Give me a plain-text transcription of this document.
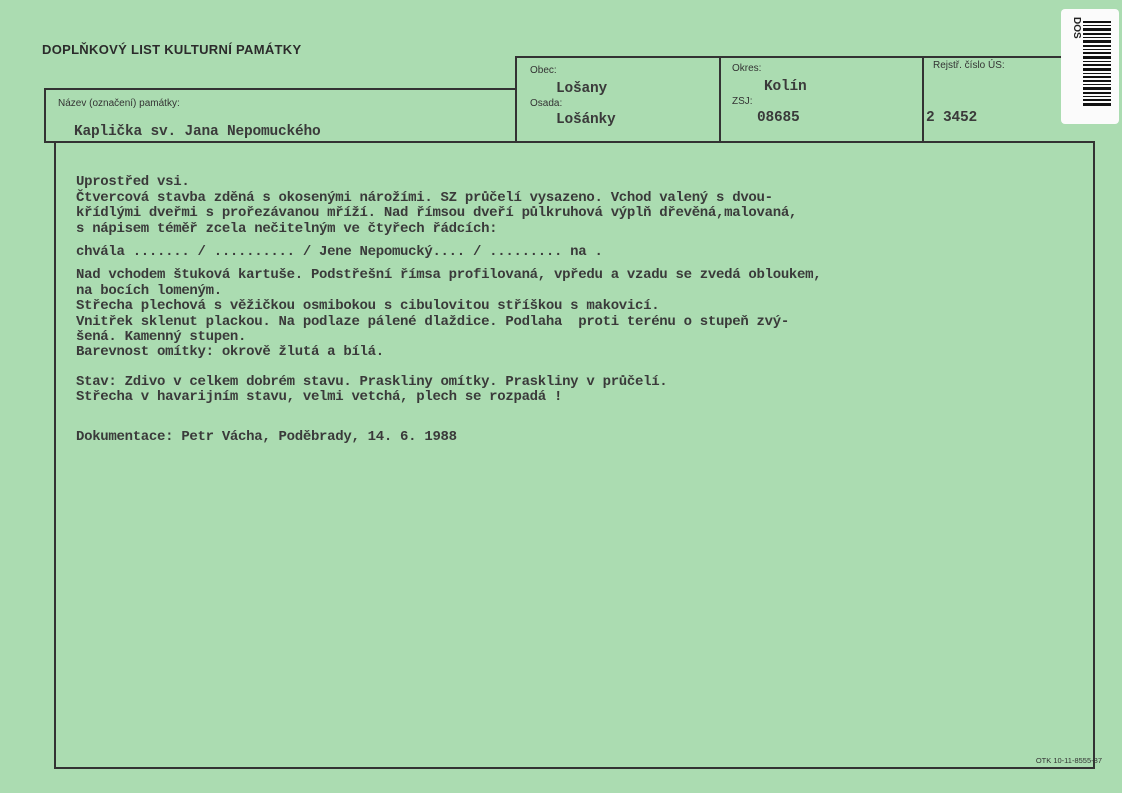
DOPLŇKOVÝ LIST KULTURNÍ PAMÁTKY
Obec:
Osada:
Okres:
ZSJ:
Rejstř. číslo ÚS:
Název (označení) památky:
Lošany
Lošánky
Kolín
08685	2 3452
Kaplička sv. Jana Nepomuckého

Uprostřed vsi.
Čtvercová stavba zděná s okosenými nárožími. SZ průčelí vysazeno. Vchod valený s dvou-
křídlými dveřmi s prořezávanou mříží. Nad římsou dveří půlkruhová výplň dřevěná,malovaná,
s nápisem téměř zcela nečitelným ve čtyřech řádcích:
chvála ....... / .......... / Jene Nepomucký.... / ......... na .
Nad vchodem štuková kartuše. Podstřešní římsa profilovaná, vpředu a vzadu se zvedá obloukem,
na bocích lomeným.
Střecha plechová s věžičkou osmibokou s cibulovitou stříškou s makovicí.
Vnitřek sklenut plackou. Na podlaze pálené dlaždice. Podlaha  proti terénu o stupeň zvý-
šená. Kamenný stupen.
Barevnost omítky: okrově žlutá a bílá.
Stav: Zdivo v celkem dobrém stavu. Praskliny omítky. Praskliny v průčelí.
Střecha v havarijním stavu, velmi vetchá, plech se rozpadá !
Dokumentace: Petr Vácha, Poděbrady, 14. 6. 1988

DOS
OTK 10-11-8555-87
